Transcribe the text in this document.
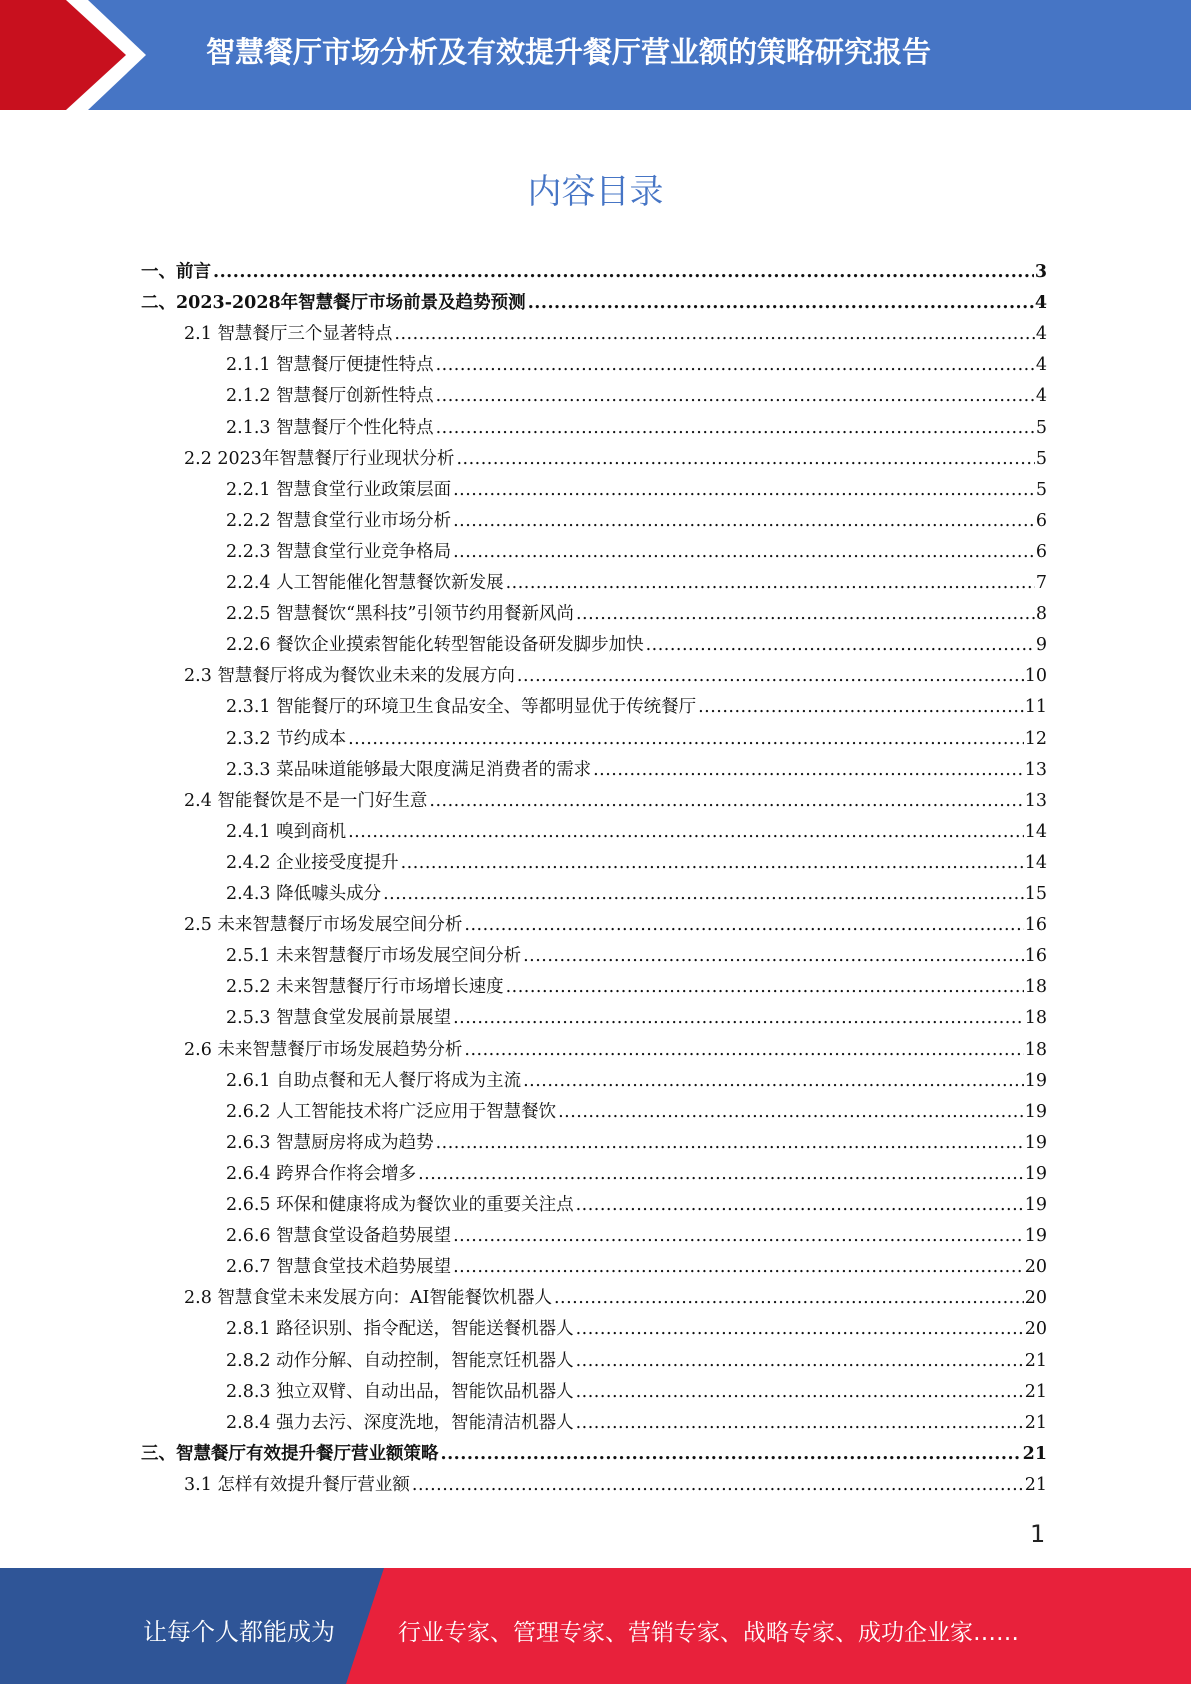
智慧餐厅市场分析及有效提升餐厅营业额的策略研究报告
内容目录
一、前言 .....	3
二、2023-2028年智慧餐厅市场前景及趋势预测 .....	4
2.1 智慧餐厅三个显著特点 .....	4
2.1.1 智慧餐厅便捷性特点 .....	4
2.1.2 智慧餐厅创新性特点 .....	4
2.1.3 智慧餐厅个性化特点 .....	5
2.2 2023年智慧餐厅行业现状分析 .....	5
2.2.1 智慧食堂行业政策层面 .....	5
2.2.2 智慧食堂行业市场分析 .....	6
2.2.3 智慧食堂行业竞争格局 .....	6
2.2.4 人工智能催化智慧餐饮新发展 .....	7
2.2.5 智慧餐饮“黑科技”引领节约用餐新风尚 .....	8
2.2.6 餐饮企业摸索智能化转型智能设备研发脚步加快 .....	9
2.3 智慧餐厅将成为餐饮业未来的发展方向 .....	10
2.3.1 智能餐厅的环境卫生食品安全、等都明显优于传统餐厅 .....	11
2.3.2 节约成本 .....	12
2.3.3 菜品味道能够最大限度满足消费者的需求 .....	13
2.4 智能餐饮是不是一门好生意 .....	13
2.4.1 嗅到商机 .....	14
2.4.2 企业接受度提升 .....	14
2.4.3 降低噱头成分 .....	15
2.5 未来智慧餐厅市场发展空间分析 .....	16
2.5.1 未来智慧餐厅市场发展空间分析 .....	16
2.5.2 未来智慧餐厅行市场增长速度 .....	18
2.5.3 智慧食堂发展前景展望 .....	18
2.6 未来智慧餐厅市场发展趋势分析 .....	18
2.6.1 自助点餐和无人餐厅将成为主流 .....	19
2.6.2 人工智能技术将广泛应用于智慧餐饮 .....	19
2.6.3 智慧厨房将成为趋势 .....	19
2.6.4 跨界合作将会增多 .....	19
2.6.5 环保和健康将成为餐饮业的重要关注点 .....	19
2.6.6 智慧食堂设备趋势展望 .....	19
2.6.7 智慧食堂技术趋势展望 .....	20
2.8 智慧食堂未来发展方向：AI智能餐饮机器人 .....	20
2.8.1 路径识别、指令配送，智能送餐机器人 .....	20
2.8.2 动作分解、自动控制，智能烹饪机器人 .....	21
2.8.3 独立双臂、自动出品，智能饮品机器人 .....	21
2.8.4 强力去污、深度洗地，智能清洁机器人 .....	21
三、智慧餐厅有效提升餐厅营业额策略 .....	21
3.1 怎样有效提升餐厅营业额 .....	21
1
让每个人都能成为	行业专家、管理专家、营销专家、战略专家、成功企业家……
